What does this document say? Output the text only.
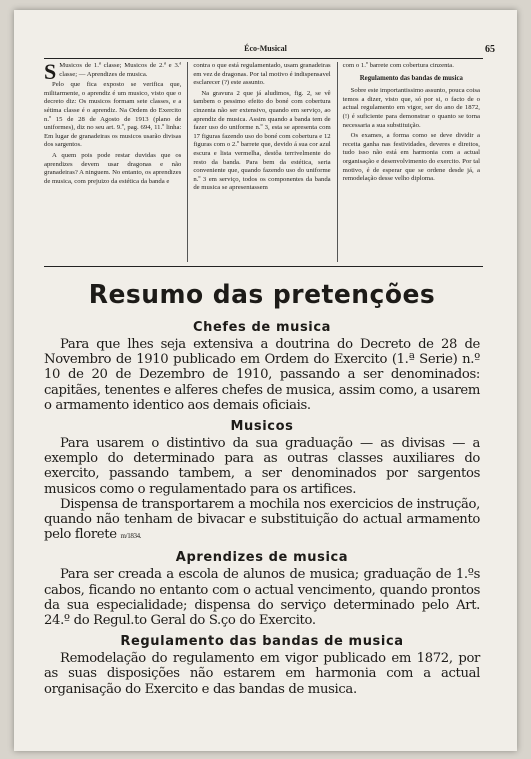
Éco-Musical	65

S Musicos de 1.ª classe; Musicos de 2.ª e 3.ª classe; — Aprendizes de musica.

Pelo que fica exposto se verifica que, militarmente, o aprendiz é um musico, visto que o decreto diz: Os musicos formam sete classes, e a sétima classe é o aprendiz. Na Ordem do Exercito n.º 15 de 28 de Agosto de 1913 (plano de uniformes), diz no seu art. 9.º, pag. 694, 11.º linha: Em lugar de granadeiras os musicos usarão divisas dos sargentos.

A quem pois pode restar duvidas que os aprendizes devem usar dragonas e não granadeiras? A ninguem. No entanto, os aprendizes de musica, com prejuizo da estética da banda e

contra o que está regulamentado, usam granadeiras em vez de dragonas. Por tal motivo é indispensavel esclarecer (?) este assunto.

Na gravura 2 que já aludimos, fig. 2, se vê tambem o pessimo efeito do boné com cobertura cinzenta não ser extensivo, quando em serviço, ao aprendiz de musica. Assim quando a banda tem de fazer uso do uniforme n.º 3, esta se apresenta com 17 figuras fazendo uso do boné com cobertura e 12 figuras com o 2.º barrete que, devido á sua cor azul escura e lista vermelha, destôa terrivelmente do resto da banda. Para bem da estética, seria conveniente que, quando fazendo uso do uniforme n.º 3 em serviço, todos os componentes da banda de musica se apresentassem

com o 1.º barrete com cobertura cinzenta.

Regulamento das bandas de musica

Sobre este importantissimo assunto, pouca coisa temos a dizer, visto que, só por si, o facto de o actual regulamento em vigor, ser do ano de 1872, (!) é suficiente para demonstrar o quanto se torna necessaria a sua substituição.

Os exames, a forma como se deve dividir a receita ganha nas festividades, deveres e direitos, tudo isso não está em harmonia com a actual organisação e desenvolvimento do exercito. Por tal motivo, é de esperar que se ordene desde já, a remodelação desse velho diploma.

Resumo das pretenções
Chefes de musica

Para que lhes seja extensiva a doutrina do Decreto de 28 de Novembro de 1910 publicado em Ordem do Exercito (1.ª Serie) n.º 10 de 20 de Dezembro de 1910, passando a ser denominados: capitães, tenentes e alferes chefes de musica, assim como, a usarem o armamento identico aos demais oficiais.

Musicos

Para usarem o distintivo da sua graduação — as divisas — a exemplo do determinado para as outras classes auxiliares do exercito, passando tambem, a ser denominados por sargentos musicos como o regulamentado para os artifices.

Dispensa de transportarem a mochila nos exercicios de instrução, quando não tenham de bivacar e substituição do actual armamento pelo florete m/1834.

Aprendizes de musica

Para ser creada a escola de alunos de musica; graduação de 1.ºs cabos, ficando no entanto com o actual vencimento, quando prontos da sua especialidade; dispensa do serviço determinado pelo Art. 24.º do Regul.to Geral do S.ço do Exercito.

Regulamento das bandas de musica

Remodelação do regulamento em vigor publicado em 1872, por as suas disposições não estarem em harmonia com a actual organisação do Exercito e das bandas de musica.
